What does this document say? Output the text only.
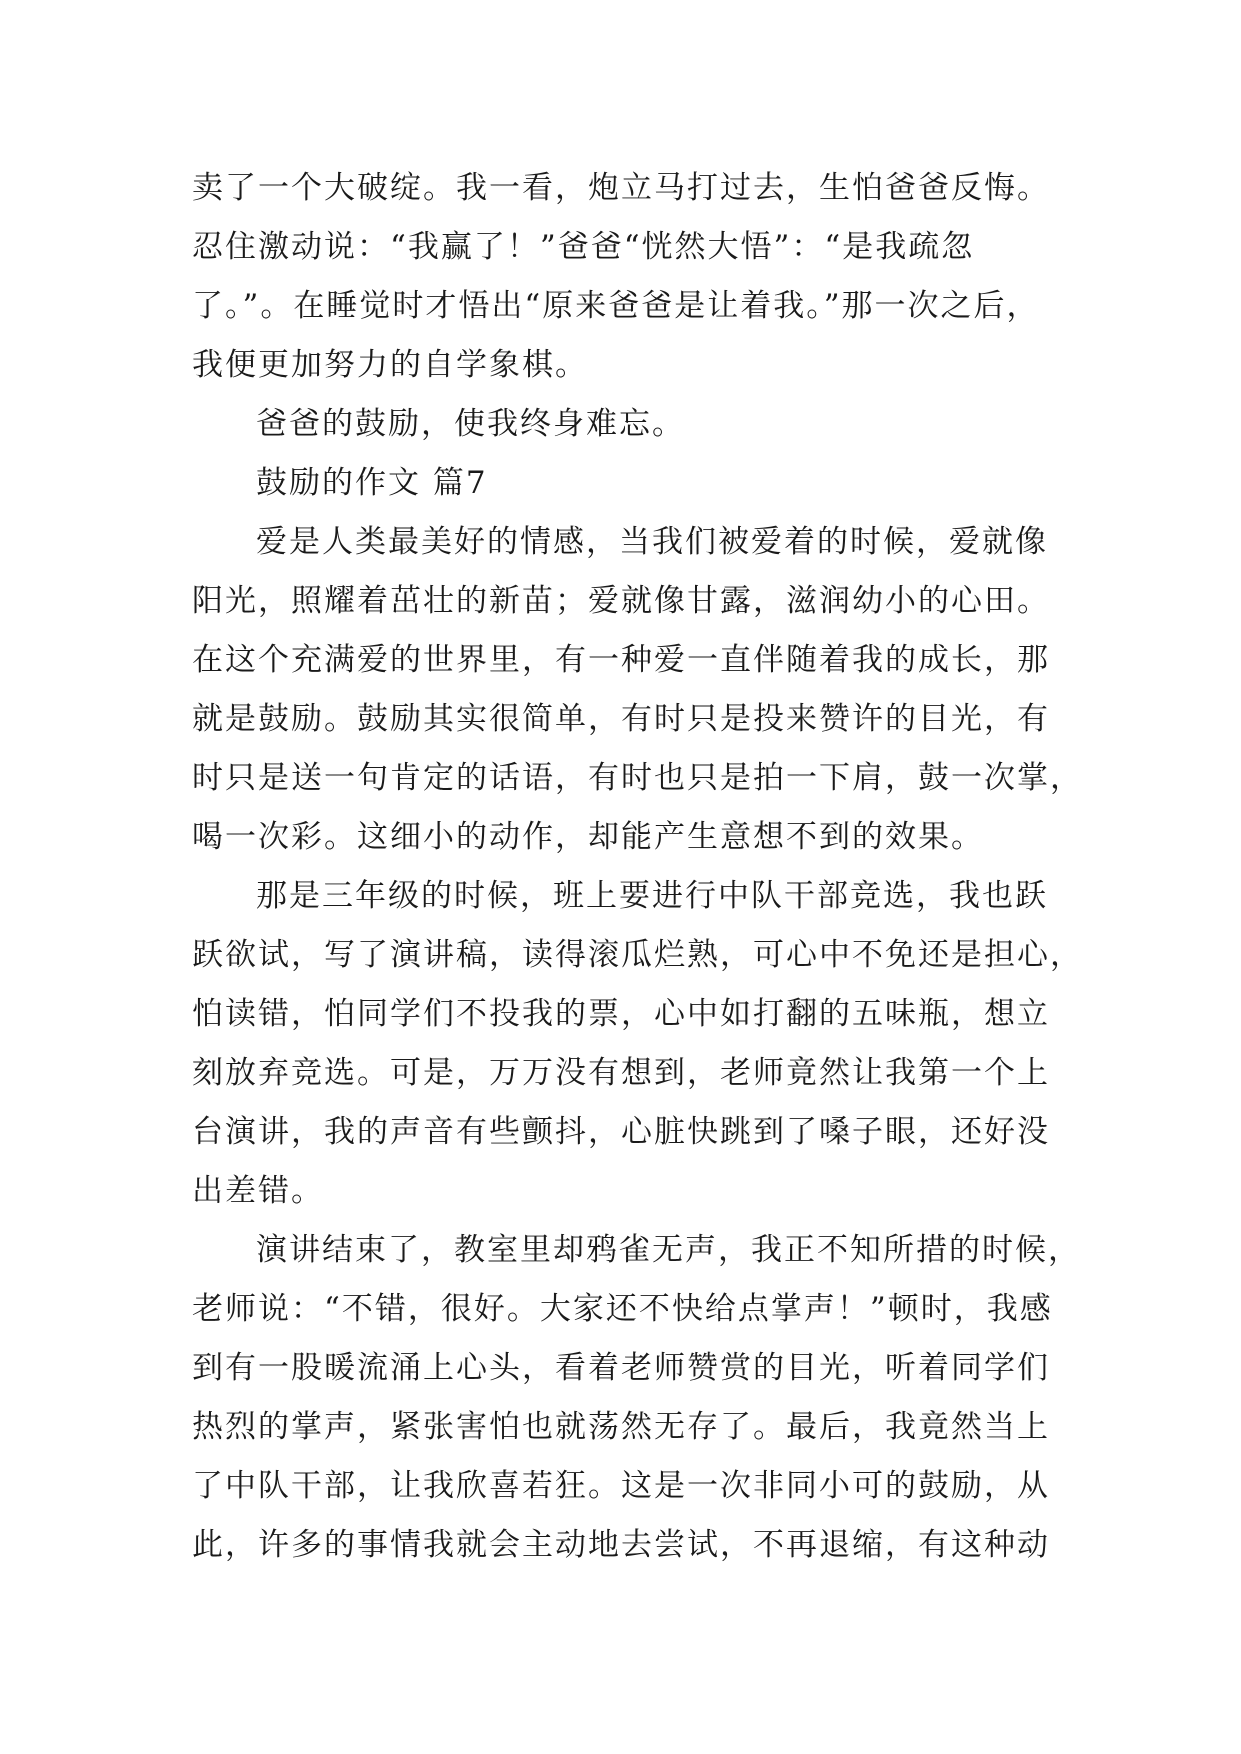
卖了一个大破绽。我一看，炮立马打过去，生怕爸爸反悔。
忍住激动说：“我赢了！”爸爸“恍然大悟”：“是我疏忽
了。”。在睡觉时才悟出“原来爸爸是让着我。”那一次之后，
我便更加努力的自学象棋。

爸爸的鼓励，使我终身难忘。

鼓励的作文 篇7

爱是人类最美好的情感，当我们被爱着的时候，爱就像
阳光，照耀着茁壮的新苗；爱就像甘露，滋润幼小的心田。
在这个充满爱的世界里，有一种爱一直伴随着我的成长，那
就是鼓励。鼓励其实很简单，有时只是投来赞许的目光，有
时只是送一句肯定的话语，有时也只是拍一下肩，鼓一次掌，
喝一次彩。这细小的动作，却能产生意想不到的效果。

那是三年级的时候，班上要进行中队干部竞选，我也跃
跃欲试，写了演讲稿，读得滚瓜烂熟，可心中不免还是担心，
怕读错，怕同学们不投我的票，心中如打翻的五味瓶，想立
刻放弃竞选。可是，万万没有想到，老师竟然让我第一个上
台演讲，我的声音有些颤抖，心脏快跳到了嗓子眼，还好没
出差错。

演讲结束了，教室里却鸦雀无声，我正不知所措的时候，
老师说：“不错，很好。大家还不快给点掌声！”顿时，我感
到有一股暖流涌上心头，看着老师赞赏的目光，听着同学们
热烈的掌声，紧张害怕也就荡然无存了。最后，我竟然当上
了中队干部，让我欣喜若狂。这是一次非同小可的鼓励，从
此，许多的事情我就会主动地去尝试，不再退缩，有这种动
